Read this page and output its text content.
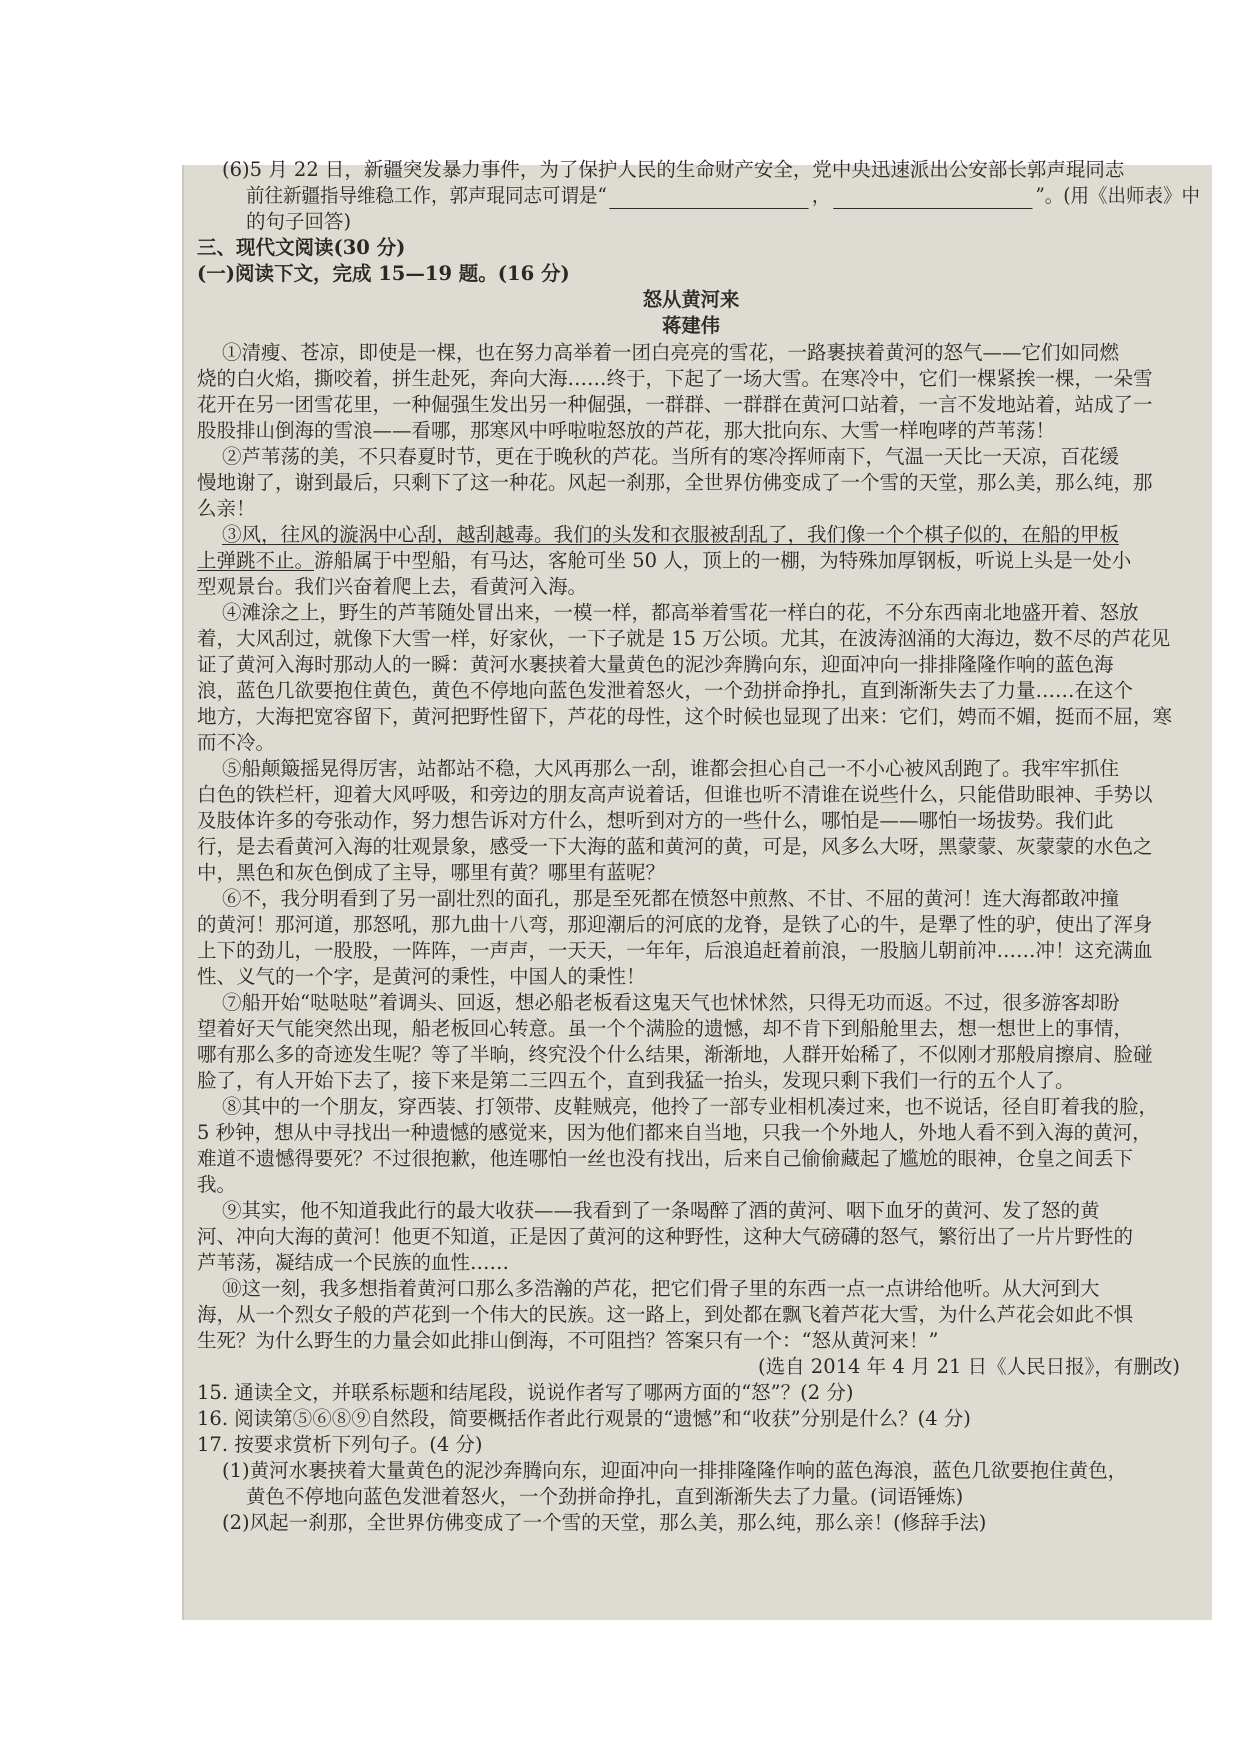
(6)5 月 22 日，新疆突发暴力事件，为了保护人民的生命财产安全，党中央迅速派出公安部长郭声琨同志
前往新疆指导维稳工作，郭声琨同志可谓是“	，	”。(用《出师表》中
的句子回答)
三、现代文阅读(30 分)
(一)阅读下文，完成 15—19 题。(16 分)
怒从黄河来
蒋建伟
①清瘦、苍凉，即使是一棵，也在努力高举着一团白亮亮的雪花，一路裹挟着黄河的怒气——它们如同燃
烧的白火焰，撕咬着，拼生赴死，奔向大海……终于，下起了一场大雪。在寒冷中，它们一棵紧挨一棵，一朵雪
花开在另一团雪花里，一种倔强生发出另一种倔强，一群群、一群群在黄河口站着，一言不发地站着，站成了一
股股排山倒海的雪浪——看哪，那寒风中呼啦啦怒放的芦花，那大批向东、大雪一样咆哮的芦苇荡！
②芦苇荡的美，不只春夏时节，更在于晚秋的芦花。当所有的寒冷挥师南下，气温一天比一天凉，百花缓
慢地谢了，谢到最后，只剩下了这一种花。风起一刹那，全世界仿佛变成了一个雪的天堂，那么美，那么纯，那
么亲！
③风，往风的漩涡中心刮，越刮越毒。我们的头发和衣服被刮乱了，我们像一个个棋子似的，在船的甲板
上弹跳不止。游船属于中型船，有马达，客舱可坐 50 人，顶上的一棚，为特殊加厚钢板，听说上头是一处小
型观景台。我们兴奋着爬上去，看黄河入海。
④滩涂之上，野生的芦苇随处冒出来，一模一样，都高举着雪花一样白的花，不分东西南北地盛开着、怒放
着，大风刮过，就像下大雪一样，好家伙，一下子就是 15 万公顷。尤其，在波涛汹涌的大海边，数不尽的芦花见
证了黄河入海时那动人的一瞬：黄河水裹挟着大量黄色的泥沙奔腾向东，迎面冲向一排排隆隆作响的蓝色海
浪，蓝色几欲要抱住黄色，黄色不停地向蓝色发泄着怒火，一个劲拼命挣扎，直到渐渐失去了力量……在这个
地方，大海把宽容留下，黄河把野性留下，芦花的母性，这个时候也显现了出来：它们，娉而不媚，挺而不屈，寒
而不冷。
⑤船颠簸摇晃得厉害，站都站不稳，大风再那么一刮，谁都会担心自己一不小心被风刮跑了。我牢牢抓住
白色的铁栏杆，迎着大风呼吸，和旁边的朋友高声说着话，但谁也听不清谁在说些什么，只能借助眼神、手势以
及肢体许多的夸张动作，努力想告诉对方什么，想听到对方的一些什么，哪怕是——哪怕一场拔势。我们此
行，是去看黄河入海的壮观景象，感受一下大海的蓝和黄河的黄，可是，风多么大呀，黑蒙蒙、灰蒙蒙的水色之
中，黑色和灰色倒成了主导，哪里有黄？哪里有蓝呢？
⑥不，我分明看到了另一副壮烈的面孔，那是至死都在愤怒中煎熬、不甘、不屈的黄河！连大海都敢冲撞
的黄河！那河道，那怒吼，那九曲十八弯，那迎潮后的河底的龙脊，是铁了心的牛，是犟了性的驴，使出了浑身
上下的劲儿，一股股，一阵阵，一声声，一天天，一年年，后浪追赶着前浪，一股脑儿朝前冲……冲！这充满血
性、义气的一个字，是黄河的秉性，中国人的秉性！
⑦船开始“哒哒哒”着调头、回返，想必船老板看这鬼天气也怵怵然，只得无功而返。不过，很多游客却盼
望着好天气能突然出现，船老板回心转意。虽一个个满脸的遗憾，却不肯下到船舱里去，想一想世上的事情，
哪有那么多的奇迹发生呢？等了半晌，终究没个什么结果，渐渐地，人群开始稀了，不似刚才那般肩擦肩、脸碰
脸了，有人开始下去了，接下来是第二三四五个，直到我猛一抬头，发现只剩下我们一行的五个人了。
⑧其中的一个朋友，穿西装、打领带、皮鞋贼亮，他拎了一部专业相机凑过来，也不说话，径自盯着我的脸，
5 秒钟，想从中寻找出一种遗憾的感觉来，因为他们都来自当地，只我一个外地人，外地人看不到入海的黄河，
难道不遗憾得要死？不过很抱歉，他连哪怕一丝也没有找出，后来自己偷偷藏起了尴尬的眼神，仓皇之间丢下
我。
⑨其实，他不知道我此行的最大收获——我看到了一条喝醉了酒的黄河、咽下血牙的黄河、发了怒的黄
河、冲向大海的黄河！他更不知道，正是因了黄河的这种野性，这种大气磅礴的怒气，繁衍出了一片片野性的
芦苇荡，凝结成一个民族的血性……
⑩这一刻，我多想指着黄河口那么多浩瀚的芦花，把它们骨子里的东西一点一点讲给他听。从大河到大
海，从一个烈女子般的芦花到一个伟大的民族。这一路上，到处都在飘飞着芦花大雪，为什么芦花会如此不惧
生死？为什么野生的力量会如此排山倒海，不可阻挡？答案只有一个：“怒从黄河来！”
(选自 2014 年 4 月 21 日《人民日报》，有删改)
15. 通读全文，并联系标题和结尾段，说说作者写了哪两方面的“怒”？(2 分)
16. 阅读第⑤⑥⑧⑨自然段，简要概括作者此行观景的“遗憾”和“收获”分别是什么？(4 分)
17. 按要求赏析下列句子。(4 分)
(1)黄河水裹挟着大量黄色的泥沙奔腾向东，迎面冲向一排排隆隆作响的蓝色海浪，蓝色几欲要抱住黄色，
黄色不停地向蓝色发泄着怒火，一个劲拼命挣扎，直到渐渐失去了力量。(词语锤炼)
(2)风起一刹那，全世界仿佛变成了一个雪的天堂，那么美，那么纯，那么亲！(修辞手法)
